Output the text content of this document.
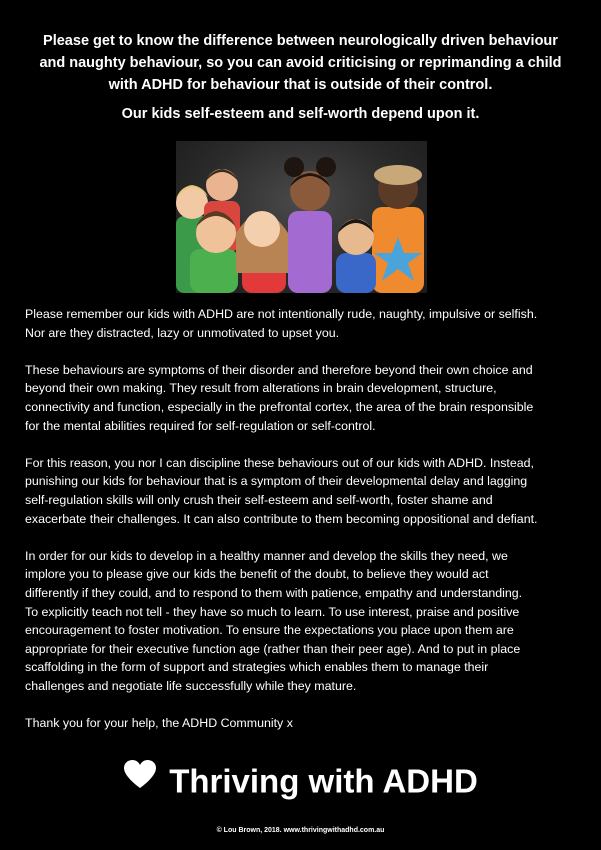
Please get to know the difference between neurologically driven behaviour
and naughty behaviour, so you can avoid criticising or reprimanding a child
with ADHD for behaviour that is outside of their control.
Our kids self-esteem and self-worth depend upon it.

Please remember our kids with ADHD are not intentionally rude, naughty, impulsive or selfish.
Nor are they distracted, lazy or unmotivated to upset you.

These behaviours are symptoms of their disorder and therefore beyond their own choice and
beyond their own making. They result from alterations in brain development, structure,
connectivity and function, especially in the prefrontal cortex, the area of the brain responsible
for the mental abilities required for self-regulation or self-control.

For this reason, you nor I can discipline these behaviours out of our kids with ADHD. Instead,
punishing our kids for behaviour that is a symptom of their developmental delay and lagging
self-regulation skills will only crush their self-esteem and self-worth, foster shame and
exacerbate their challenges. It can also contribute to them becoming oppositional and defiant.

In order for our kids to develop in a healthy manner and develop the skills they need, we
implore you to please give our kids the benefit of the doubt, to believe they would act
differently if they could, and to respond to them with patience, empathy and understanding.
To explicitly teach not tell - they have so much to learn. To use interest, praise and positive
encouragement to foster motivation. To ensure the expectations you place upon them are
appropriate for their executive function age (rather than their peer age). And to put in place
scaffolding in the form of support and strategies which enables them to manage their
challenges and negotiate life successfully while they mature.

Thank you for your help, the ADHD Community x

Thriving with ADHD
© Lou Brown, 2018. www.thrivingwithadhd.com.au
